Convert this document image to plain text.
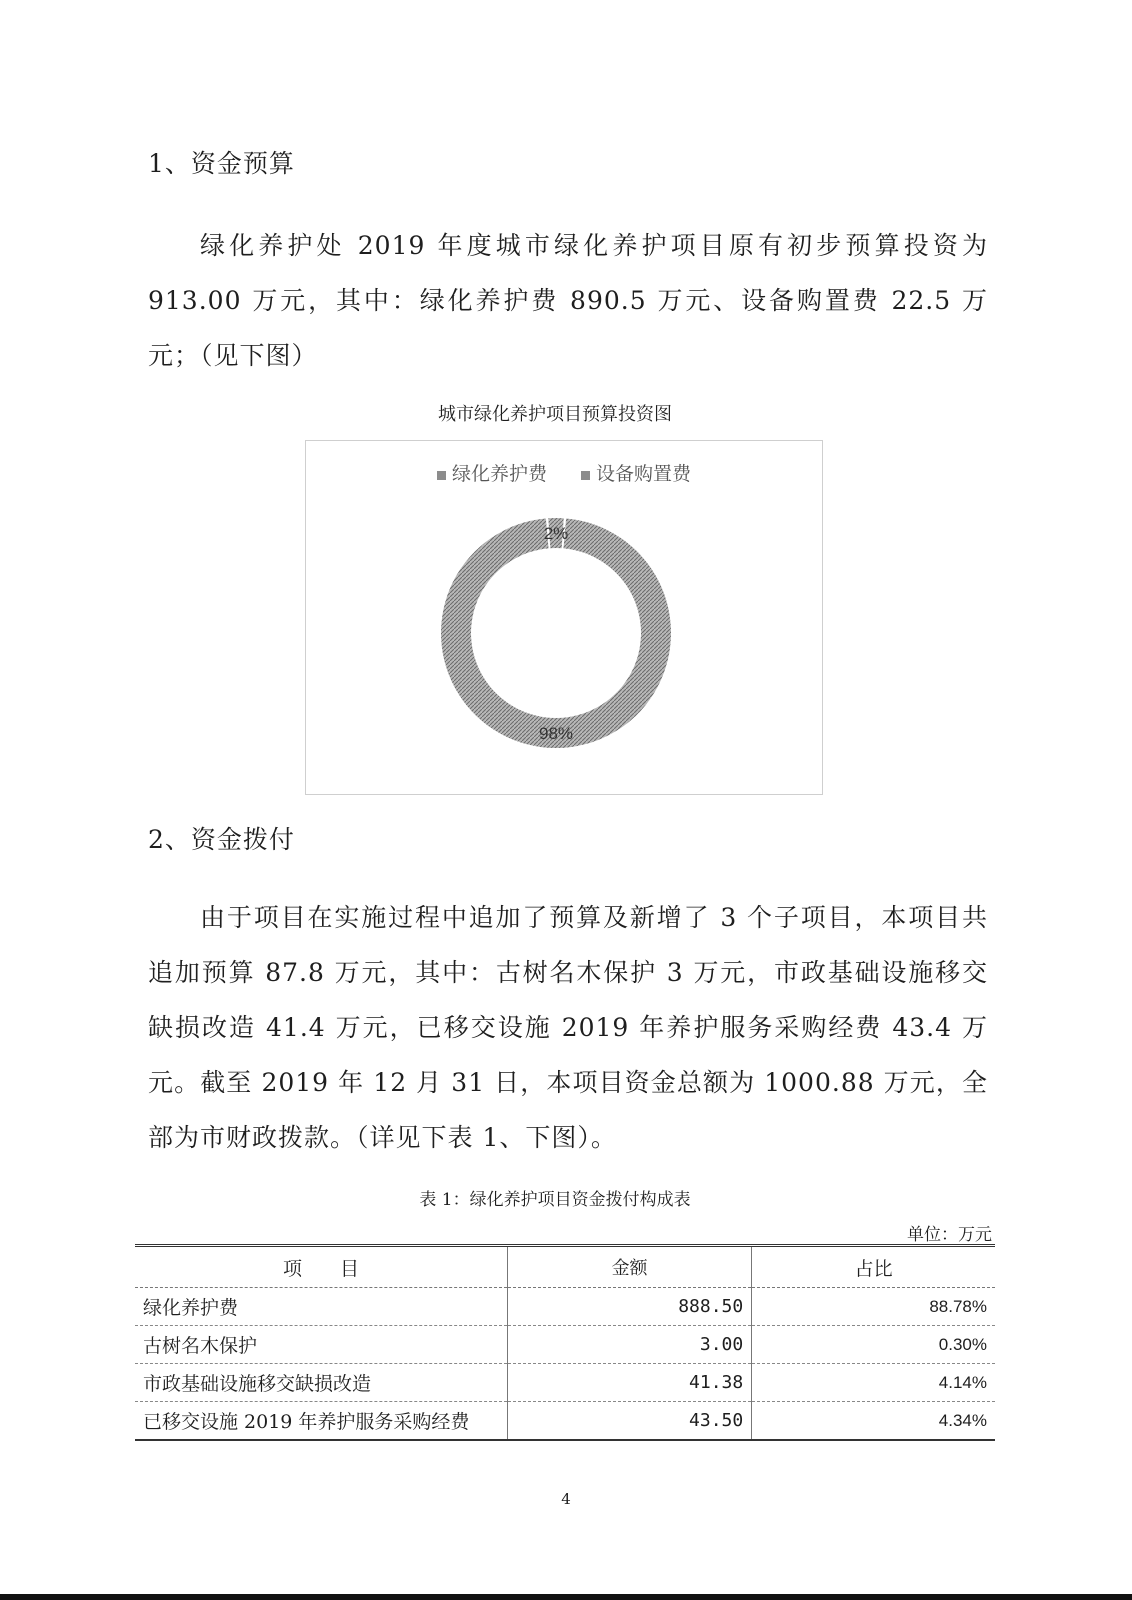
1、资金预算

绿化养护处 2019 年度城市绿化养护项目原有初步预算投资为 913.00 万元，其中：绿化养护费 890.5 万元、设备购置费 22.5 万元；（见下图）

城市绿化养护项目预算投资图
绿化养护费	设备购置费
98%
2%
2、资金拨付

由于项目在实施过程中追加了预算及新增了 3 个子项目，本项目共追加预算 87.8 万元，其中：古树名木保护 3 万元，市政基础设施移交缺损改造 41.4 万元，已移交设施 2019 年养护服务采购经费 43.4 万元。截至 2019 年 12 月 31 日，本项目资金总额为 1000.88 万元，全部为市财政拨款。（详见下表 1、下图）。

表 1：绿化养护项目资金拨付构成表
单位：万元
项　　目	金额	占比
绿化养护费	888.50	88.78%
古树名木保护	3.00	0.30%
市政基础设施移交缺损改造	41.38	4.14%
已移交设施 2019 年养护服务采购经费	43.50	4.34%
4
